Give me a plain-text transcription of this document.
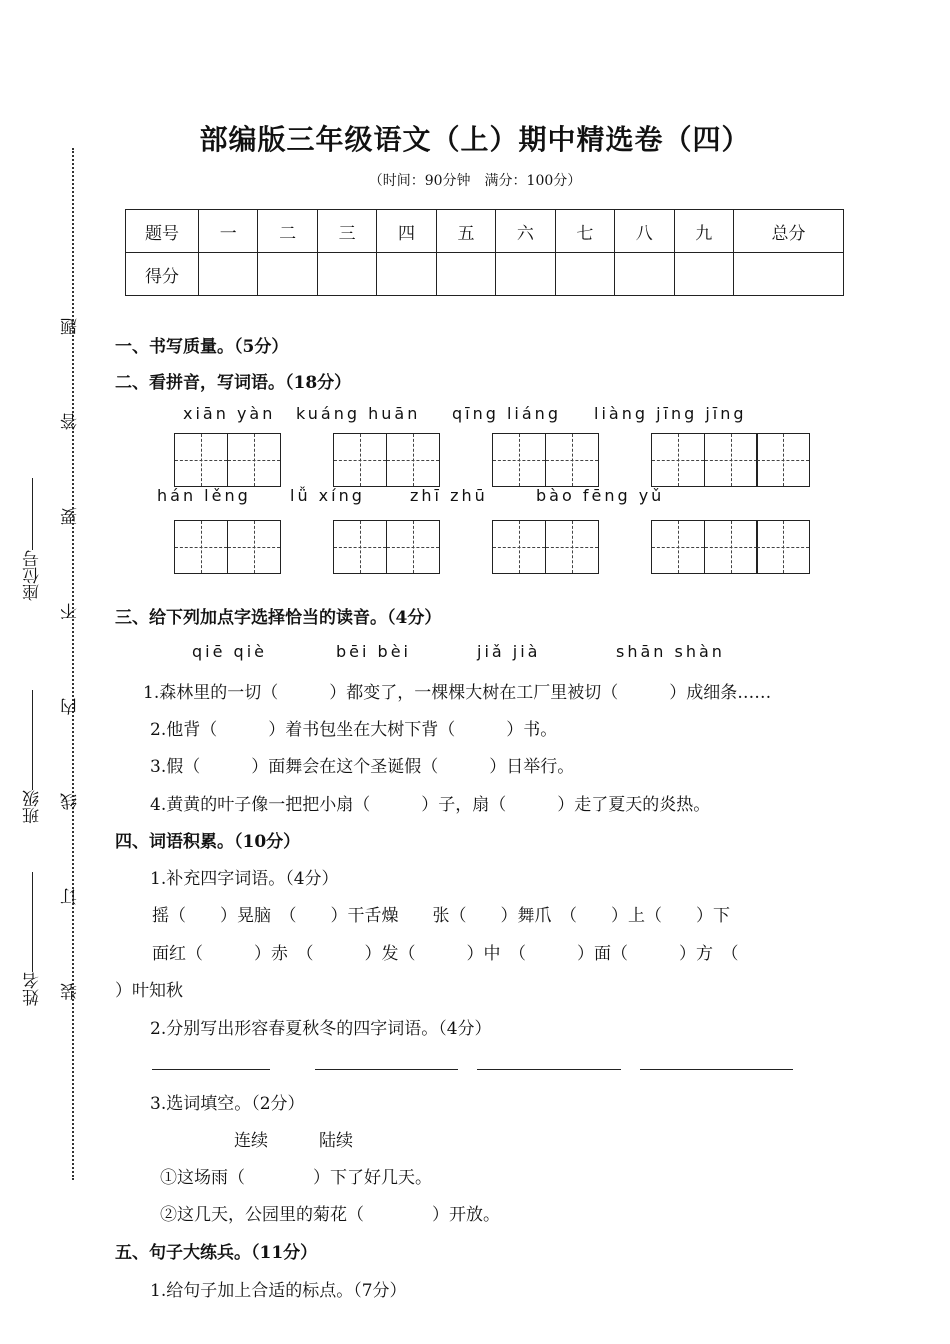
部编版三年级语文（上）期中精选卷（四）
（时间：90分钟　满分：100分）
题号	一	二	三	四	五	六	七	八	九	总分
得分										
题
答
要
不
内
线
订
装
座位号
班级
姓名
一、书写质量。（5分）
二、看拼音，写词语。（18分）
xiān yàn kuáng huān qīng liáng liàng jīng jīng
hán lěng lǚ xíng	zhī zhū	bào fēng yǔ
三、给下列加点字选择恰当的读音。（4分）
qiē qiè	bēi bèi	jiǎ jià	shān shàn
1.森林里的一切（　　　）都变了，一棵棵大树在工厂里被切（　　　）成细条……
2.他背（　　　）着书包坐在大树下背（　　　）书。
3.假（　　　）面舞会在这个圣诞假（　　　）日举行。
4.黄黄的叶子像一把把小扇（　　　）子，扇（　　　）走了夏天的炎热。
四、词语积累。（10分）
1.补充四字词语。（4分）
摇（　　）晃脑　（　　）干舌燥　　张（　　）舞爪　（　　）上（　　）下
面红（　　　）赤　（　　　）发（　　　）中　（　　　）面（　　　）方　（
）叶知秋
2.分别写出形容春夏秋冬的四字词语。（4分）
3.选词填空。（2分）
连续　　　陆续
①这场雨（　　　　）下了好几天。
②这几天，公园里的菊花（　　　　）开放。
五、句子大练兵。（11分）
1.给句子加上合适的标点。（7分）
